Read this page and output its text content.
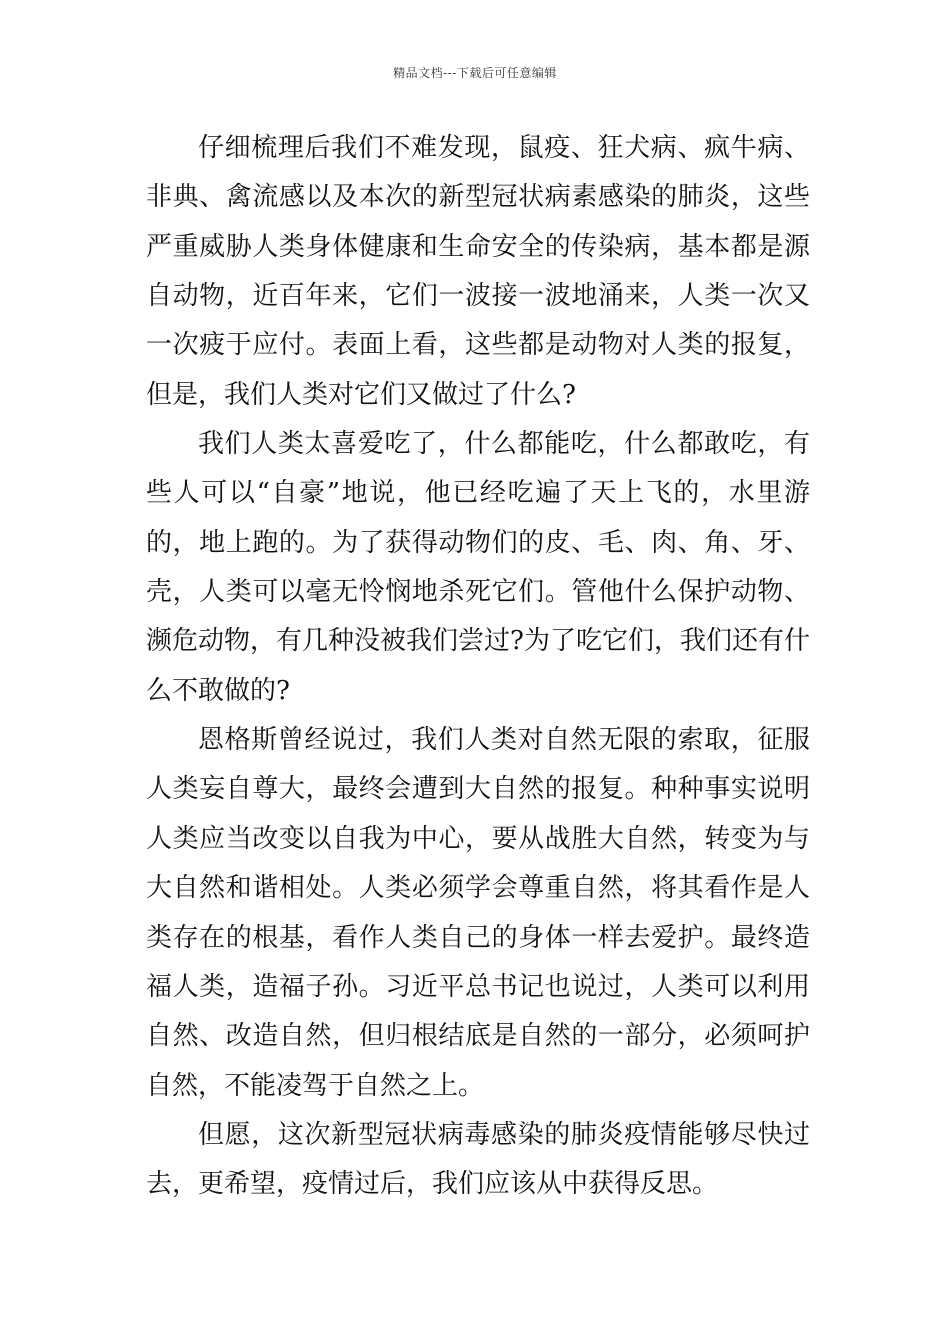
精品文档---下载后可任意编辑
仔细梳理后我们不难发现，鼠疫、狂犬病、疯牛病、
非典、禽流感以及本次的新型冠状病素感染的肺炎，这些
严重威胁人类身体健康和生命安全的传染病，基本都是源
自动物，近百年来，它们一波接一波地涌来，人类一次又
一次疲于应付。表面上看，这些都是动物对人类的报复，
但是，我们人类对它们又做过了什么?
我们人类太喜爱吃了，什么都能吃，什么都敢吃，有
些人可以“自豪”地说，他已经吃遍了天上飞的，水里游
的，地上跑的。为了获得动物们的皮、毛、肉、角、牙、
壳，人类可以毫无怜悯地杀死它们。管他什么保护动物、
濒危动物，有几种没被我们尝过?为了吃它们，我们还有什
么不敢做的?
恩格斯曾经说过，我们人类对自然无限的索取，征服
人类妄自尊大，最终会遭到大自然的报复。种种事实说明
人类应当改变以自我为中心，要从战胜大自然，转变为与
大自然和谐相处。人类必须学会尊重自然，将其看作是人
类存在的根基，看作人类自己的身体一样去爱护。最终造
福人类，造福子孙。习近平总书记也说过，人类可以利用
自然、改造自然，但归根结底是自然的一部分，必须呵护
自然，不能凌驾于自然之上。
但愿，这次新型冠状病毒感染的肺炎疫情能够尽快过
去，更希望，疫情过后，我们应该从中获得反思。
